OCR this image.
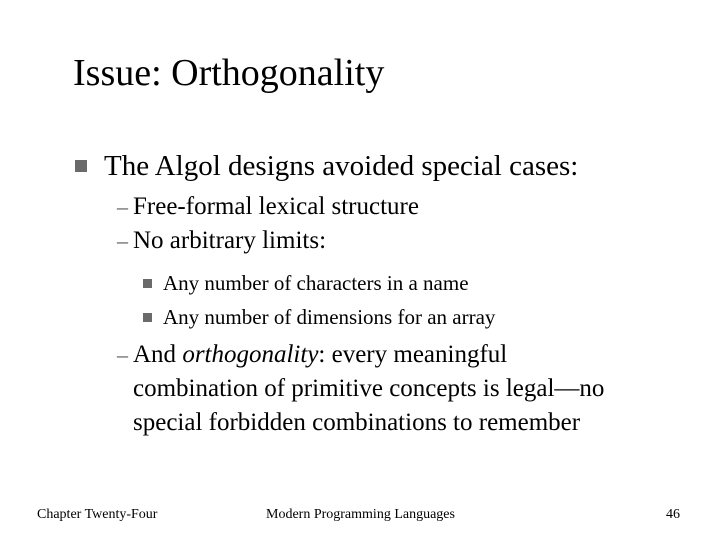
Issue: Orthogonality
The Algol designs avoided special cases:
– Free-formal lexical structure
– No arbitrary limits:
Any number of characters in a name
Any number of dimensions for an array
– And orthogonality: every meaningful
combination of primitive concepts is legal—no
special forbidden combinations to remember
Chapter Twenty-Four	Modern Programming Languages	46
